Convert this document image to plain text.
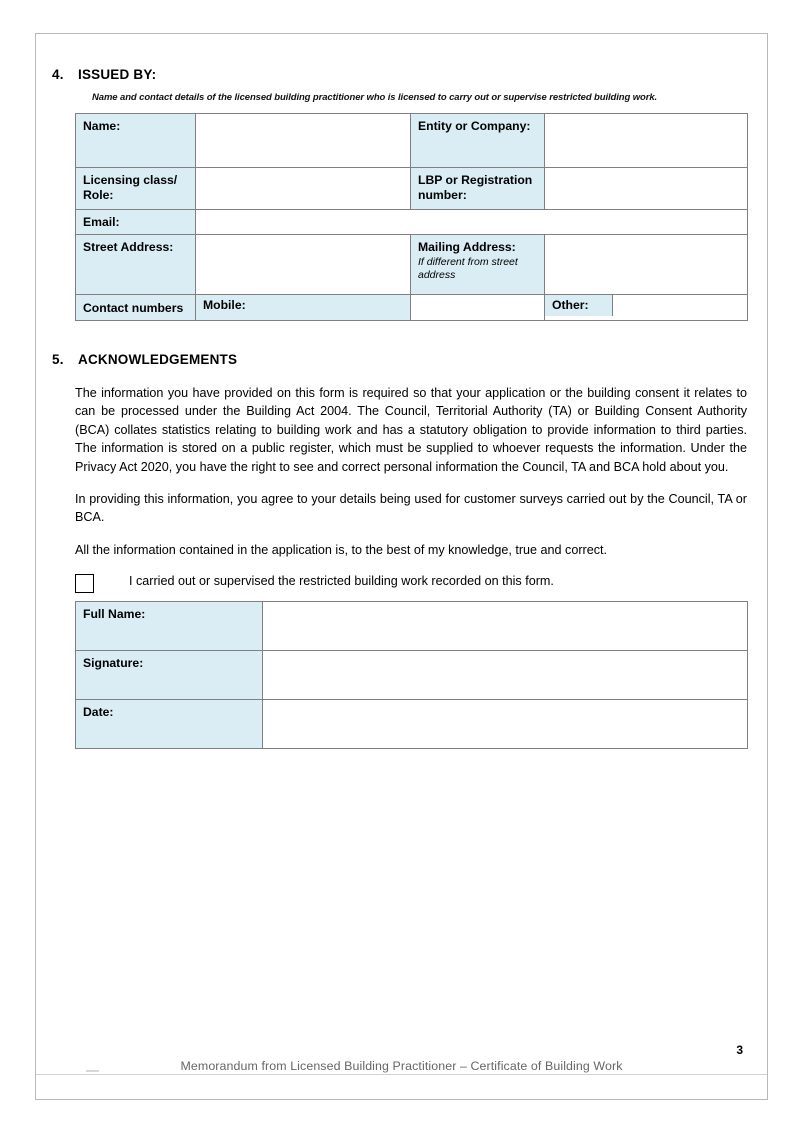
4.	ISSUED BY:
Name and contact details of the licensed building practitioner who is licensed to carry out or supervise restricted building work.
Name:		Entity or Company:	
Licensing class/ Role:		LBP or Registration number:	
Email:	
Street Address:		Mailing Address:
If different from street address

Contact numbers	Mobile:			Other:	
5.	ACKNOWLEDGEMENTS

The information you have provided on this form is required so that your application or the building consent it relates to can be processed under the Building Act 2004. The Council, Territorial Authority (TA) or Building Consent Authority (BCA) collates statistics relating to building work and has a statutory obligation to provide information to third parties. The information is stored on a public register, which must be supplied to whoever requests the information. Under the Privacy Act 2020, you have the right to see and correct personal information the Council, TA and BCA hold about you.

In providing this information, you agree to your details being used for customer surveys carried out by the Council, TA or BCA.

All the information contained in the application is, to the best of my knowledge, true and correct.

I carried out or supervised the restricted building work recorded on this form.
Full Name:	
Signature:	
Date:	
3
Memorandum from Licensed Building Practitioner – Certificate of Building Work
